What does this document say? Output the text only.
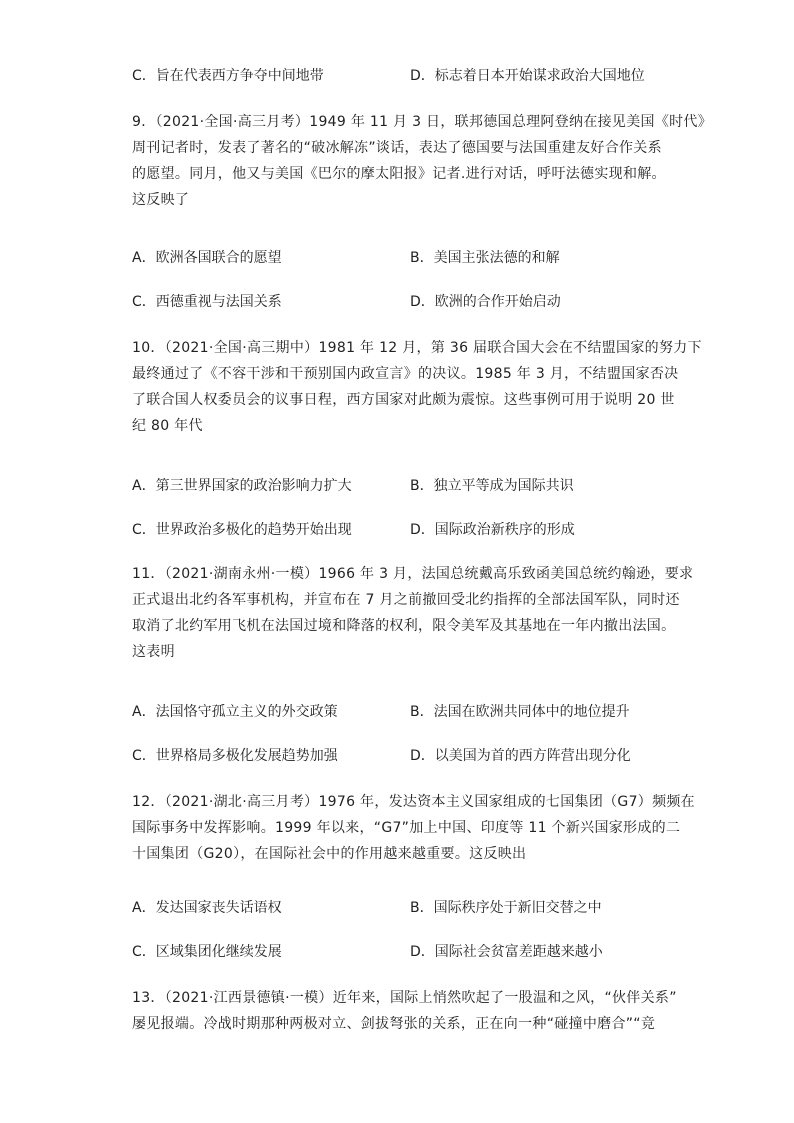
C．旨在代表西方争夺中间地带	D．标志着日本开始谋求政治大国地位
9．（2021·全国·高三月考）1949 年 11 月 3 日，联邦德国总理阿登纳在接见美国《时代》
周刊记者时，发表了著名的“破冰解冻”谈话，表达了德国要与法国重建友好合作关系
的愿望。同月，他又与美国《巴尔的摩太阳报》记者.进行对话，呼吁法德实现和解。
这反映了
A．欧洲各国联合的愿望	B．美国主张法德的和解
C．西德重视与法国关系	D．欧洲的合作开始启动
10．（2021·全国·高三期中）1981 年 12 月，第 36 届联合国大会在不结盟国家的努力下
最终通过了《不容干涉和干预别国内政宣言》的决议。1985 年 3 月，不结盟国家否决
了联合国人权委员会的议事日程，西方国家对此颇为震惊。这些事例可用于说明 20 世
纪 80 年代
A．第三世界国家的政治影响力扩大	B．独立平等成为国际共识
C．世界政治多极化的趋势开始出现	D．国际政治新秩序的形成
11．（2021·湖南永州·一模）1966 年 3 月，法国总统戴高乐致函美国总统约翰逊，要求
正式退出北约各军事机构，并宣布在 7 月之前撤回受北约指挥的全部法国军队，同时还
取消了北约军用飞机在法国过境和降落的权利，限令美军及其基地在一年内撤出法国。
这表明
A．法国恪守孤立主义的外交政策	B．法国在欧洲共同体中的地位提升
C．世界格局多极化发展趋势加强	D．以美国为首的西方阵营出现分化
12．（2021·湖北·高三月考）1976 年，发达资本主义国家组成的七国集团（G7）频频在
国际事务中发挥影响。1999 年以来，“G7”加上中国、印度等 11 个新兴国家形成的二
十国集团（G20），在国际社会中的作用越来越重要。这反映出
A．发达国家丧失话语权	B．国际秩序处于新旧交替之中
C．区域集团化继续发展	D．国际社会贫富差距越来越小
13．（2021·江西景德镇·一模）近年来，国际上悄然吹起了一股温和之风，“伙伴关系”
屡见报端。冷战时期那种两极对立、剑拔弩张的关系，正在向一种“碰撞中磨合”“竞
